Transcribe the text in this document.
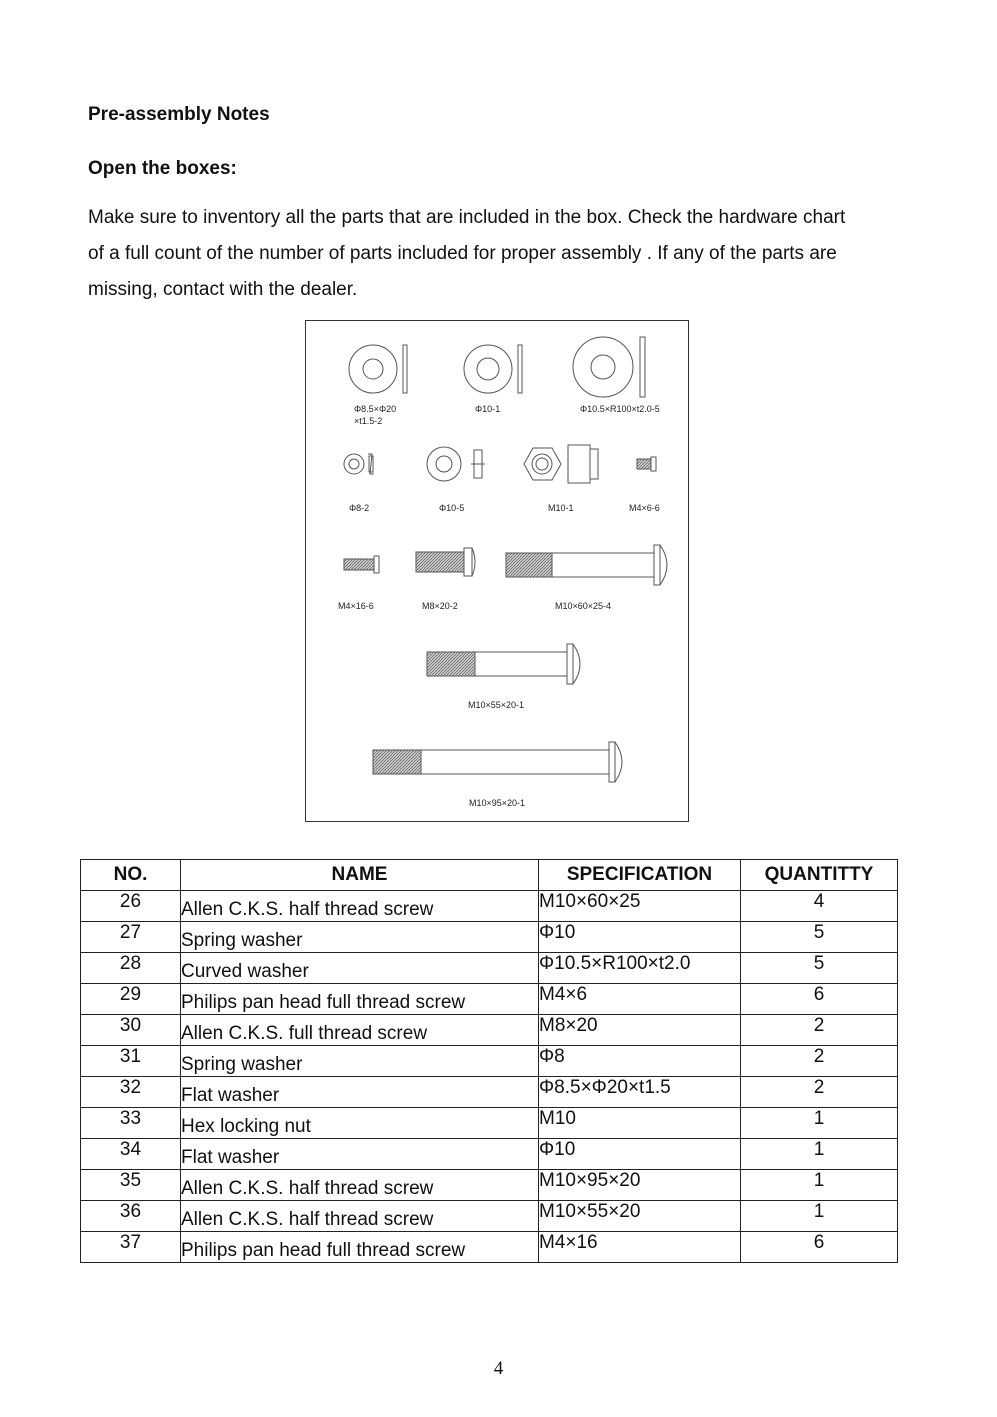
Pre-assembly Notes
Open the boxes:
Make sure to inventory all the parts that are included in the box. Check the hardware chart
of a full count of the number of parts included for proper assembly . If any of the parts are
missing, contact with the dealer.
Φ8.5×Φ20
×t1.5-2
Φ10-1	Φ10.5×R100×t2.0-5
Φ8-2	Φ10-5	M10-1	M4×6-6
M4×16-6	M8×20-2	M10×60×25-4
M10×55×20-1
M10×95×20-1
NO.	NAME	SPECIFICATION	QUANTITTY
26	Allen C.K.S. half thread screw	M10×60×25	4
27	Spring washer	Φ10	5
28	Curved washer	Φ10.5×R100×t2.0	5
29	Philips pan head full thread screw	M4×6	6
30	Allen C.K.S. full thread screw	M8×20	2
31	Spring washer	Φ8	2
32	Flat washer	Φ8.5×Φ20×t1.5	2
33	Hex locking nut	M10	1
34	Flat washer	Φ10	1
35	Allen C.K.S. half thread screw	M10×95×20	1
36	Allen C.K.S. half thread screw	M10×55×20	1
37	Philips pan head full thread screw	M4×16	6
4
